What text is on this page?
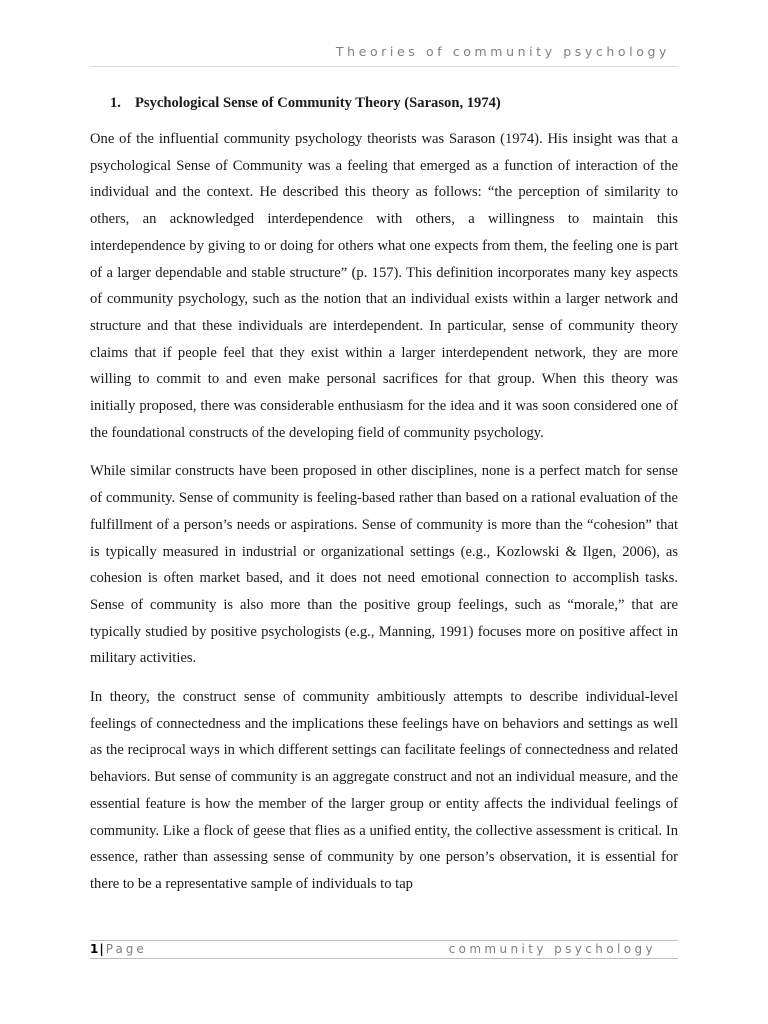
Theories of community psychology
1. Psychological Sense of Community Theory (Sarason, 1974)

One of the influential community psychology theorists was Sarason (1974). His insight was that a psychological Sense of Community was a feeling that emerged as a function of interaction of the individual and the context. He described this theory as follows: “the perception of similarity to others, an acknowledged interdependence with others, a willingness to maintain this interdependence by giving to or doing for others what one expects from them, the feeling one is part of a larger dependable and stable structure” (p. 157). This definition incorporates many key aspects of community psychology, such as the notion that an individual exists within a larger network and structure and that these individuals are interdependent. In particular, sense of community theory claims that if people feel that they exist within a larger interdependent network, they are more willing to commit to and even make personal sacrifices for that group. When this theory was initially proposed, there was considerable enthusiasm for the idea and it was soon considered one of the foundational constructs of the developing field of community psychology.

While similar constructs have been proposed in other disciplines, none is a perfect match for sense of community. Sense of community is feeling-based rather than based on a rational evaluation of the fulfillment of a person’s needs or aspirations. Sense of community is more than the “cohesion” that is typically measured in industrial or organizational settings (e.g., Kozlowski & Ilgen, 2006), as cohesion is often market based, and it does not need emotional connection to accomplish tasks. Sense of community is also more than the positive group feelings, such as “morale,” that are typically studied by positive psychologists (e.g., Manning, 1991) focuses more on positive affect in military activities.

In theory, the construct sense of community ambitiously attempts to describe individual-level feelings of connectedness and the implications these feelings have on behaviors and settings as well as the reciprocal ways in which different settings can facilitate feelings of connectedness and related behaviors. But sense of community is an aggregate construct and not an individual measure, and the essential feature is how the member of the larger group or entity affects the individual feelings of community. Like a flock of geese that flies as a unified entity, the collective assessment is critical. In essence, rather than assessing sense of community by one person’s observation, it is essential for there to be a representative sample of individuals to tap

1| Page	community psychology
